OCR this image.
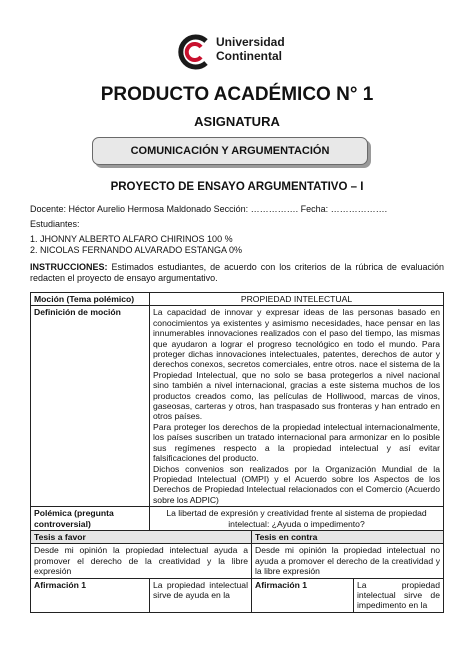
Universidad
Continental
PRODUCTO ACADÉMICO N° 1
ASIGNATURA
COMUNICACIÓN Y ARGUMENTACIÓN
PROYECTO DE ENSAYO ARGUMENTATIVO – I
Docente: Héctor Aurelio Hermosa Maldonado Sección: ……………. Fecha: ……………….
Estudiantes:
1. JHONNY ALBERTO ALFARO CHIRINOS 100 %
2. NICOLAS FERNANDO ALVARADO ESTANGA 0%
INSTRUCCIONES: Estimados estudiantes, de acuerdo con los criterios de la rúbrica de evaluación redacten el proyecto de ensayo argumentativo.
Moción (Tema polémico)	PROPIEDAD INTELECTUAL		
Definición de moción	La capacidad de innovar y expresar ideas de las personas basado en conocimientos ya existentes y asimismo necesidades, hace pensar en las innumerables innovaciones realizados con el paso del tiempo, las mismas que ayudaron a lograr el progreso tecnológico en todo el mundo. Para proteger dichas innovaciones intelectuales, patentes, derechos de autor y derechos conexos, secretos comerciales, entre otros. nace el sistema de la Propiedad Intelectual, que no solo se basa protegerlos a nivel nacional sino también a nivel internacional, gracias a este sistema muchos de los productos creados como, las películas de Holliwood, marcas de vinos, gaseosas, carteras y otros, han traspasado sus fronteras y han entrado en otros países.
Para proteger los derechos de la propiedad intelectual internacionalmente, los países suscriben un tratado internacional para armonizar en lo posible sus regímenes respecto a la propiedad intelectual y así evitar falsificaciones del producto.
Dichos convenios son realizados por la Organización Mundial de la Propiedad Intelectual (OMPI) y el Acuerdo sobre los Aspectos de los Derechos de Propiedad Intelectual relacionados con el Comercio (Acuerdo sobre los ADPIC)		

Polémica (pregunta controversial)	La libertad de expresión y creatividad frente al sistema de propiedad intelectual: ¿Ayuda o impedimento?		
Tesis a favor		Tesis en contra	
Desde mi opinión la propiedad intelectual ayuda a promover el derecho de la creatividad y la libre expresión		Desde mi opinión la propiedad intelectual no ayuda a promover el derecho de la creatividad y la libre expresión	
Afirmación 1	La propiedad intelectual sirve de ayuda en la	Afirmación 1	La propiedad intelectual sirve de impedimento en la
